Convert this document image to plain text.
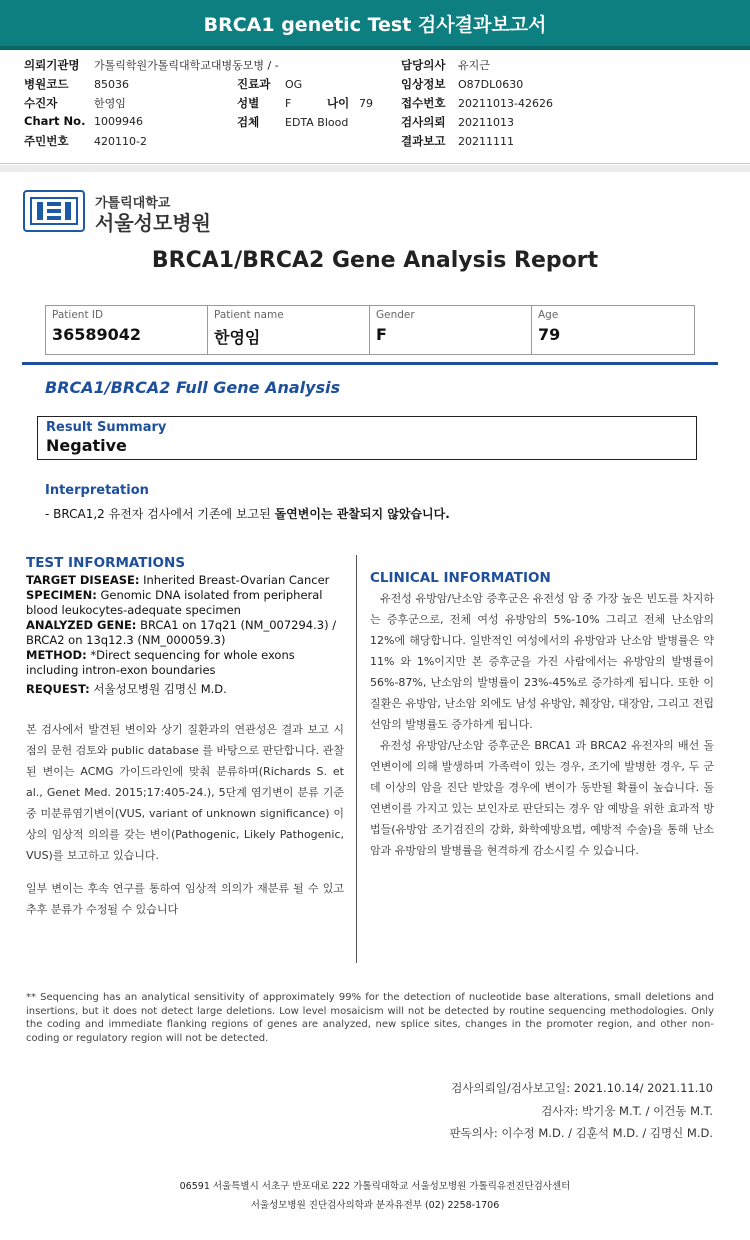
BRCA1 genetic Test 검사결과보고서
의뢰기관명 가톨릭학원가톨릭대학교대병동모병 / -
병원코드 85036
수진자	한영임
Chart No. 1009946
주민번호 420110-2
진료과 OG
성별 F	나이 79
검체 EDTA Blood
담당의사 유지근
임상정보 O87DL0630
접수번호 20211013-42626
검사의뢰 20211013
결과보고 20211111
가톨릭대학교
서울성모병원
BRCA1/BRCA2 Gene Analysis Report
Patient ID
36589042
Patient name
한영임
Gender
F
Age
79
BRCA1/BRCA2 Full Gene Analysis
Result Summary
Negative
Interpretation
- BRCA1,2 유전자 검사에서 기존에 보고된 돌연변이는 관찰되지 않았습니다.
TEST INFORMATIONS
TARGET DISEASE: Inherited Breast-Ovarian Cancer
SPECIMEN: Genomic DNA isolated from peripheral blood leukocytes-adequate specimen
ANALYZED GENE: BRCA1 on 17q21 (NM_007294.3) / BRCA2 on 13q12.3 (NM_000059.3)
METHOD: *Direct sequencing for whole exons including intron-exon boundaries
REQUEST: 서울성모병원 김명신 M.D.
본 검사에서 발견된 변이와 상기 질환과의 연관성은 결과 보고 시점의 문헌 검토와 public database 를 바탕으로 판단합니다. 관찰된 변이는 ACMG 가이드라인에 맞춰 분류하며(Richards S. et al., Genet Med. 2015;17:405-24.), 5단계 염기변이 분류 기준 중 미분류염기변이(VUS, variant of unknown significance) 이상의 임상적 의의를 갖는 변이(Pathogenic, Likely Pathogenic, VUS)를 보고하고 있습니다.
일부 변이는 후속 연구를 통하여 임상적 의의가 재분류 될 수 있고 추후 분류가 수정될 수 있습니다
CLINICAL INFORMATION
유전성 유방암/난소암 증후군은 유전성 암 중 가장 높은 빈도를 차지하는 증후군으로, 전체 여성 유방암의 5%-10% 그리고 전체 난소암의 12%에 해당합니다. 일반적인 여성에서의 유방암과 난소암 발병률은 약 11% 와 1%이지만 본 증후군을 가진 사람에서는 유방암의 발병률이 56%-87%, 난소암의 발병률이 23%-45%로 증가하게 됩니다. 또한 이 질환은 유방암, 난소암 외에도 남성 유방암, 췌장암, 대장암, 그리고 전립선암의 발병률도 증가하게 됩니다.
유전성 유방암/난소암 증후군은 BRCA1 과 BRCA2 유전자의 배선 돌연변이에 의해 발생하며 가족력이 있는 경우, 조기에 발병한 경우, 두 군데 이상의 암을 진단 받았을 경우에 변이가 동반될 확률이 높습니다. 돌연변이를 가지고 있는 보인자로 판단되는 경우 암 예방을 위한 효과적 방법들(유방암 조기검진의 강화, 화학예방요법, 예방적 수술)을 통해 난소암과 유방암의 발병률을 현격하게 감소시킬 수 있습니다.
** Sequencing has an analytical sensitivity of approximately 99% for the detection of nucleotide base alterations, small deletions and insertions, but it does not detect large deletions. Low level mosaicism will not be detected by routine sequencing methodologies. Only the coding and immediate flanking regions of genes are analyzed, new splice sites, changes in the promoter region, and other non-coding or regulatory region will not be detected.
검사의뢰일/검사보고일: 2021.10.14/ 2021.11.10
검사자: 박기웅 M.T. / 이건동 M.T.
판독의사: 이수정 M.D. / 김훈석 M.D. / 김명신 M.D.
06591 서울특별시 서초구 반포대로 222 가톨릭대학교 서울성모병원 가톨릭유전진단검사센터
서울성모병원 진단검사의학과 분자유전부 (02) 2258-1706
